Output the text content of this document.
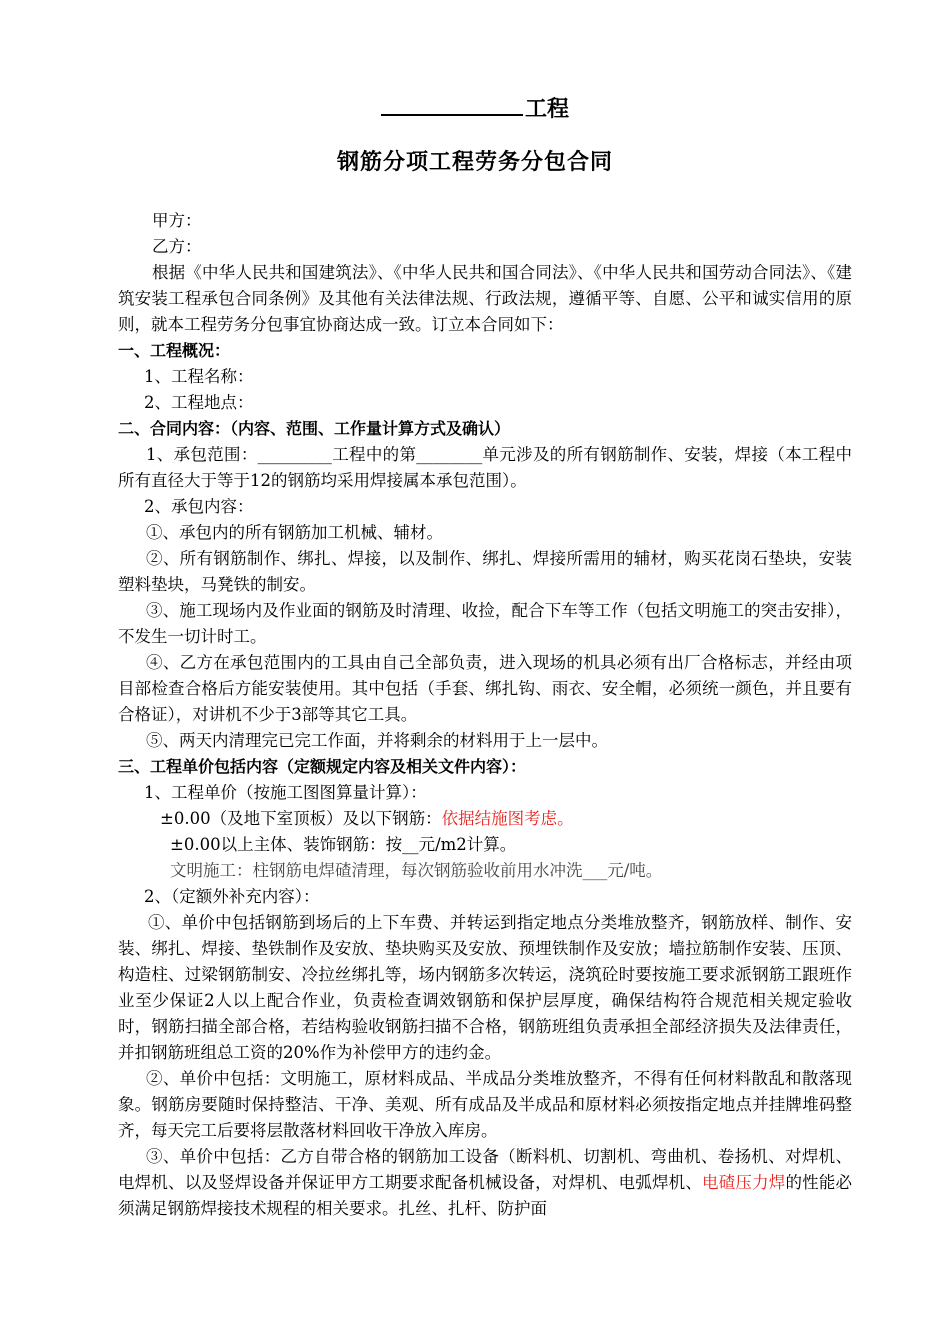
工程
钢筋分项工程劳务分包合同
甲方：
乙方：

根据《中华人民共和国建筑法》、《中华人民共和国合同法》、《中华人民共和国劳动合同法》、《建筑安装工程承包合同条例》及其他有关法律法规、行政法规，遵循平等、自愿、公平和诚实信用的原则，就本工程劳务分包事宜协商达成一致。订立本合同如下：

一、工程概况：
1、工程名称：
2、工程地点：
二、合同内容：（内容、范围、工作量计算方式及确认）

1、承包范围：_________工程中的第________单元涉及的所有钢筋制作、安装，焊接（本工程中所有直径大于等于12的钢筋均采用焊接属本承包范围）。

2、承包内容：

①、承包内的所有钢筋加工机械、辅材。

②、所有钢筋制作、绑扎、焊接，以及制作、绑扎、焊接所需用的辅材，购买花岗石垫块，安装塑料垫块，马凳铁的制安。

③、施工现场内及作业面的钢筋及时清理、收捡，配合下车等工作（包括文明施工的突击安排），不发生一切计时工。

④、乙方在承包范围内的工具由自己全部负责，进入现场的机具必须有出厂合格标志，并经由项目部检查合格后方能安装使用。其中包括（手套、绑扎钩、雨衣、安全帽，必须统一颜色，并且要有合格证），对讲机不少于3部等其它工具。

⑤、两天内清理完已完工作面，并将剩余的材料用于上一层中。

三、工程单价包括内容（定额规定内容及相关文件内容）：
1、工程单价（按施工图图算量计算）：
±0.00（及地下室顶板）及以下钢筋：依据结施图考虑。
±0.00以上主体、装饰钢筋：按__元/m2计算。
文明施工：柱钢筋电焊碴清理，每次钢筋验收前用水冲洗___元/吨。
2、（定额外补充内容）：

①、单价中包括钢筋到场后的上下车费、并转运到指定地点分类堆放整齐，钢筋放样、制作、安装、绑扎、焊接、垫铁制作及安放、垫块购买及安放、预埋铁制作及安放；墙拉筋制作安装、压顶、构造柱、过梁钢筋制安、冷拉丝绑扎等，场内钢筋多次转运，浇筑砼时要按施工要求派钢筋工跟班作业至少保证2人以上配合作业，负责检查调效钢筋和保护层厚度，确保结构符合规范相关规定验收时，钢筋扫描全部合格，若结构验收钢筋扫描不合格，钢筋班组负责承担全部经济损失及法律责任，并扣钢筋班组总工资的20%作为补偿甲方的违约金。

②、单价中包括：文明施工，原材料成品、半成品分类堆放整齐，不得有任何材料散乱和散落现象。钢筋房要随时保持整洁、干净、美观、所有成品及半成品和原材料必须按指定地点并挂牌堆码整齐，每天完工后要将层散落材料回收干净放入库房。

③、单价中包括：乙方自带合格的钢筋加工设备（断料机、切割机、弯曲机、卷扬机、对焊机、电焊机、以及竖焊设备并保证甲方工期要求配备机械设备，对焊机、电弧焊机、电碴压力焊的性能必须满足钢筋焊接技术规程的相关要求。扎丝、扎杆、防护面
